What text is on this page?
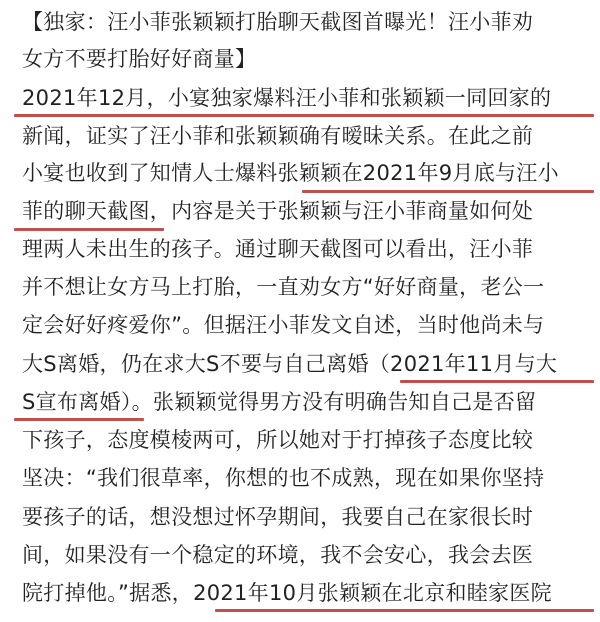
【独家：汪小菲张颖颖打胎聊天截图首曝光！汪小菲劝
女方不要打胎好好商量】
2021年12月，小宴独家爆料汪小菲和张颖颖一同回家的
新闻，证实了汪小菲和张颖颖确有暧昧关系。在此之前
小宴也收到了知情人士爆料张颖颖在2021年9月底与汪小
菲的聊天截图，内容是关于张颖颖与汪小菲商量如何处
理两人未出生的孩子。通过聊天截图可以看出，汪小菲
并不想让女方马上打胎，一直劝女方“好好商量，老公一
定会好好疼爱你”。但据汪小菲发文自述，当时他尚未与
大S离婚，仍在求大S不要与自己离婚（2021年11月与大
S宣布离婚）。张颖颖觉得男方没有明确告知自己是否留
下孩子，态度模棱两可，所以她对于打掉孩子态度比较
坚决：“我们很草率，你想的也不成熟，现在如果你坚持
要孩子的话，想没想过怀孕期间，我要自己在家很长时
间，如果没有一个稳定的环境，我不会安心，我会去医
院打掉他。”据悉，2021年10月张颖颖在北京和睦家医院
